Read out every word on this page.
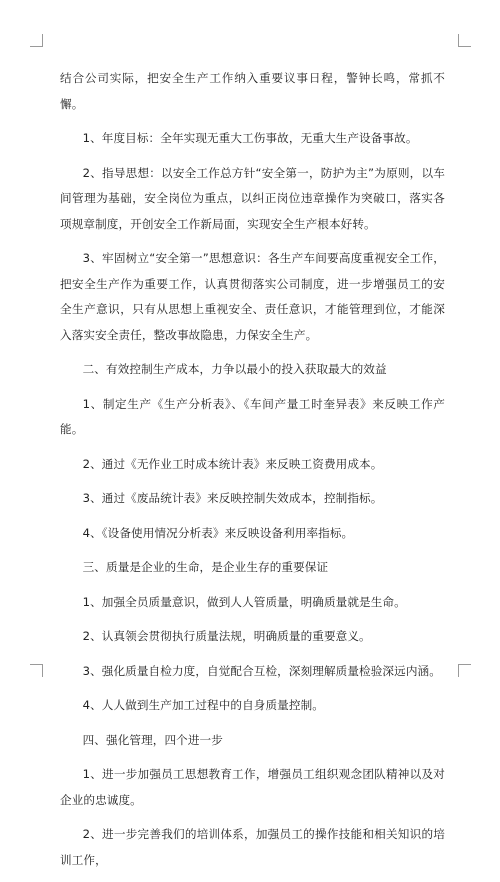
结合公司实际，把安全生产工作纳入重要议事日程，警钟长鸣，常抓不懈。

1、年度目标：全年实现无重大工伤事故，无重大生产设备事故。

2、指导思想：以安全工作总方针“安全第一，防护为主”为原则，以车间管理为基础，安全岗位为重点，以纠正岗位违章操作为突破口，落实各项规章制度，开创安全工作新局面，实现安全生产根本好转。

3、牢固树立“安全第一”思想意识：各生产车间要高度重视安全工作，把安全生产作为重要工作，认真贯彻落实公司制度，进一步增强员工的安全生产意识，只有从思想上重视安全、责任意识，才能管理到位，才能深入落实安全责任，整改事故隐患，力保安全生产。

二、有效控制生产成本，力争以最小的投入获取最大的效益

1、制定生产《生产分析表》、《车间产量工时奎异表》来反映工作产能。

2、通过《无作业工时成本统计表》来反映工资费用成本。

3、通过《废品统计表》来反映控制失效成本，控制指标。

4、《设备使用情况分析表》来反映设备利用率指标。

三、质量是企业的生命，是企业生存的重要保证

1、加强全员质量意识，做到人人管质量，明确质量就是生命。

2、认真领会贯彻执行质量法规，明确质量的重要意义。

3、强化质量自检力度，自觉配合互检，深刻理解质量检验深远内涵。

4、人人做到生产加工过程中的自身质量控制。

四、强化管理，四个进一步

1、进一步加强员工思想教育工作，增强员工组织观念团队精神以及对企业的忠诚度。

2、进一步完善我们的培训体系，加强员工的操作技能和相关知识的培训工作，
